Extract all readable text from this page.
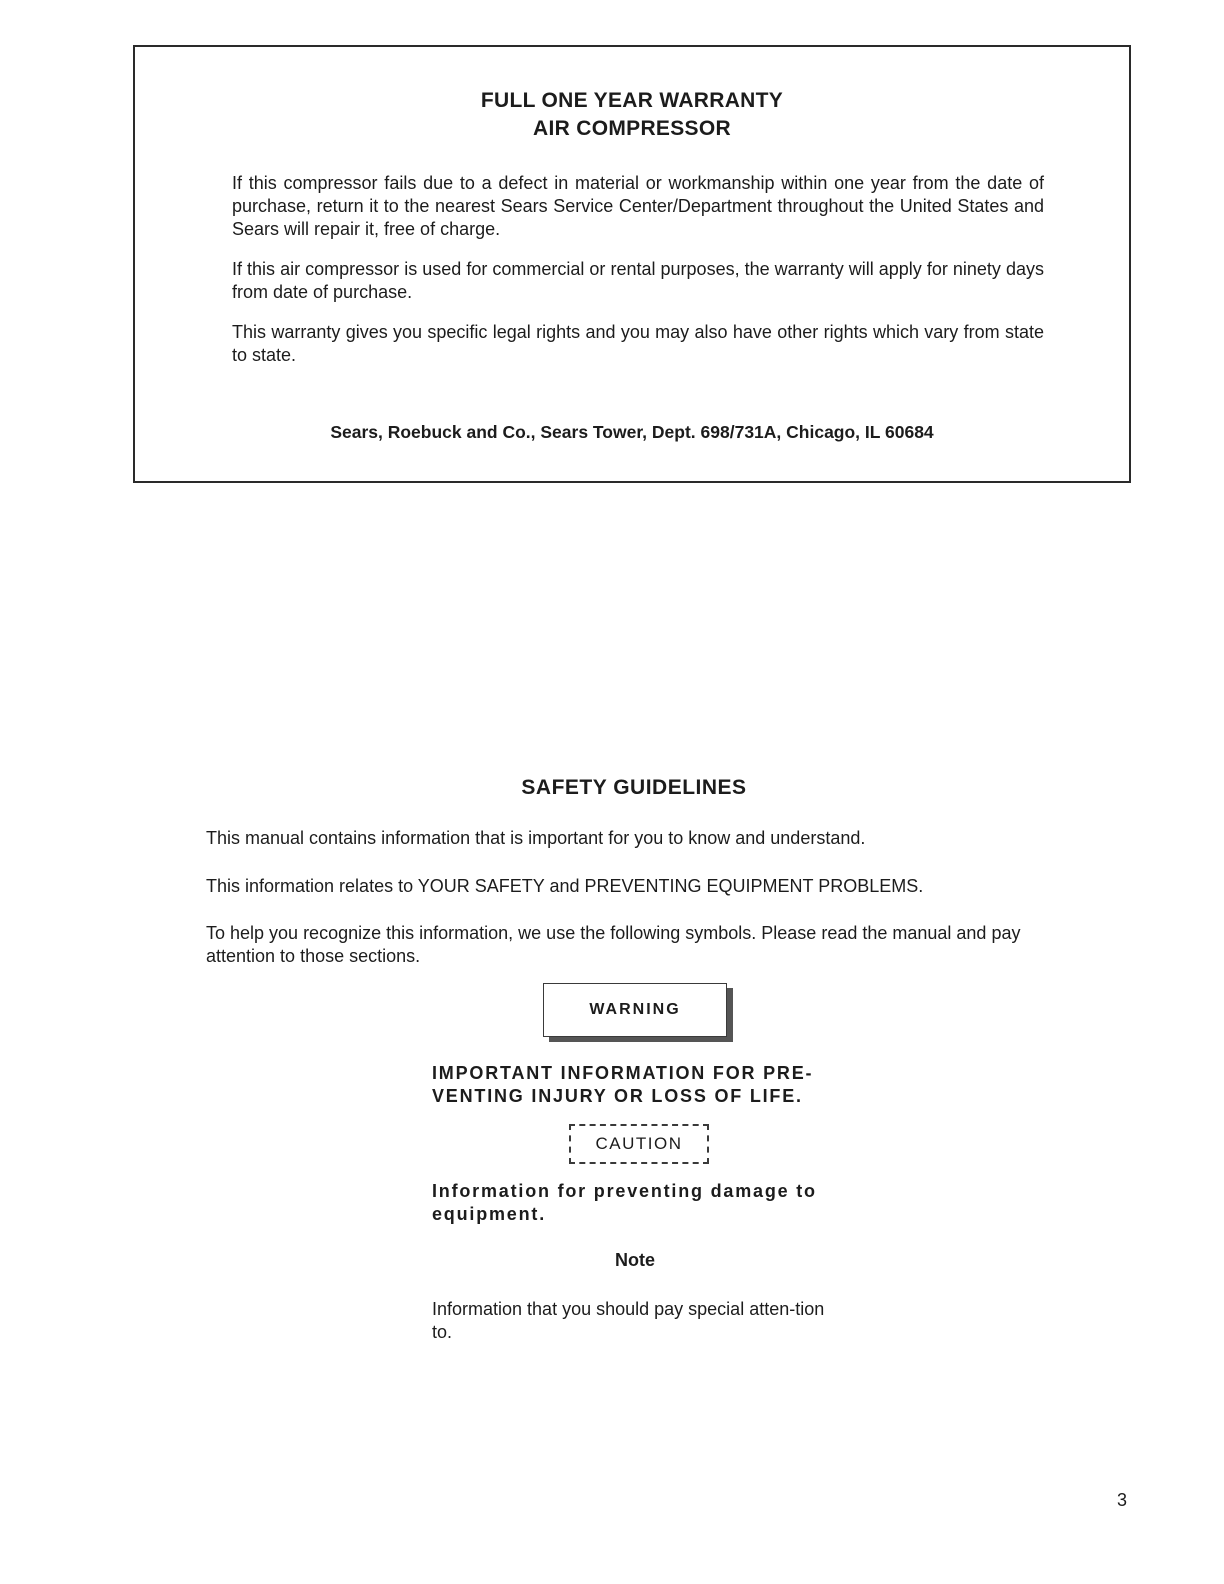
FULL ONE YEAR WARRANTY
AIR COMPRESSOR
If this compressor fails due to a defect in material or workmanship within one year from the date of purchase, return it to the nearest Sears Service Center/Department throughout the United States and Sears will repair it, free of charge.
If this air compressor is used for commercial or rental purposes, the warranty will apply for ninety days from date of purchase.
This warranty gives you specific legal rights and you may also have other rights which vary from state to state.
Sears, Roebuck and Co., Sears Tower, Dept. 698/731A, Chicago, IL 60684
SAFETY GUIDELINES
This manual contains information that is important for you to know and understand.
This information relates to YOUR SAFETY and PREVENTING EQUIPMENT PROBLEMS.
To help you recognize this information, we use the following symbols. Please read the manual and pay attention to those sections.
WARNING
IMPORTANT INFORMATION FOR PRE-VENTING INJURY OR LOSS OF LIFE.
CAUTION
Information for preventing damage to equipment.
Note
Information that you should pay special atten-tion to.
3
